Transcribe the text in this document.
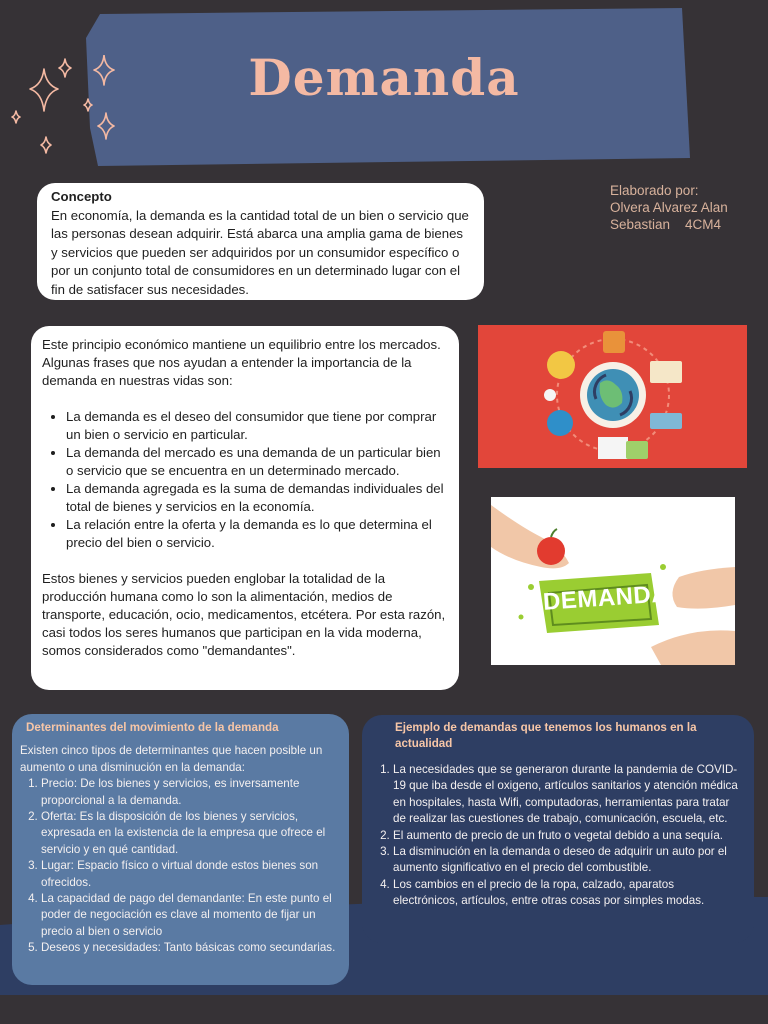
Demanda
Elaborado por:
Olvera Alvarez Alan
Sebastian    4CM4
Concepto
En economía, la demanda es la cantidad total de un bien o servicio que las personas desean adquirir. Está abarca una amplia gama de bienes y servicios que pueden ser adquiridos por un consumidor específico o por un conjunto total de consumidores en un determinado lugar con el fin de satisfacer sus necesidades.

Este principio económico mantiene un equilibrio entre los mercados. Algunas frases que nos ayudan a entender la importancia de la demanda en nuestras vidas son:

• La demanda es el deseo del consumidor que tiene por comprar un bien o servicio en particular.
• La demanda del mercado es una demanda de un particular bien o servicio que se encuentra en un determinado mercado.
• La demanda agregada es la suma de demandas individuales del total de bienes y servicios en la economía.
• La relación entre la oferta y la demanda es lo que determina el precio del bien o servicio.

Estos bienes y servicios pueden englobar la totalidad de la producción humana como lo son la alimentación, medios de transporte, educación, ocio, medicamentos, etcétera. Por esta razón, casi todos los seres humanos que participan en la vida moderna, somos considerados como "demandantes".

DEMANDA
Determinantes del movimiento de la demanda
Existen cinco tipos de determinantes que hacen posible un aumento o una disminución en la demanda:
1. Precio: De los bienes y servicios, es inversamente proporcional a la demanda.
2. Oferta: Es la disposición de los bienes y servicios, expresada en la existencia de la empresa que ofrece el servicio y en qué cantidad.
3. Lugar: Espacio físico o virtual donde estos bienes son ofrecidos.
4. La capacidad de pago del demandante: En este punto el poder de negociación es clave al momento de fijar un precio al bien o servicio
5. Deseos y necesidades: Tanto básicas como secundarias.
Ejemplo de demandas que tenemos los humanos en la actualidad
1. La necesidades que se generaron durante la pandemia de COVID-19 que iba desde el oxigeno, artículos sanitarios y atención médica en hospitales, hasta Wifi, computadoras, herramientas para tratar de realizar las cuestiones de trabajo, comunicación, escuela, etc.
2. El aumento de precio de un fruto o vegetal debido a una sequía.
3. La disminución en la demanda o deseo de adquirir un auto por el aumento significativo en el precio del combustible.
4. Los cambios en el precio de la ropa, calzado, aparatos electrónicos, artículos, entre otras cosas por simples modas.
